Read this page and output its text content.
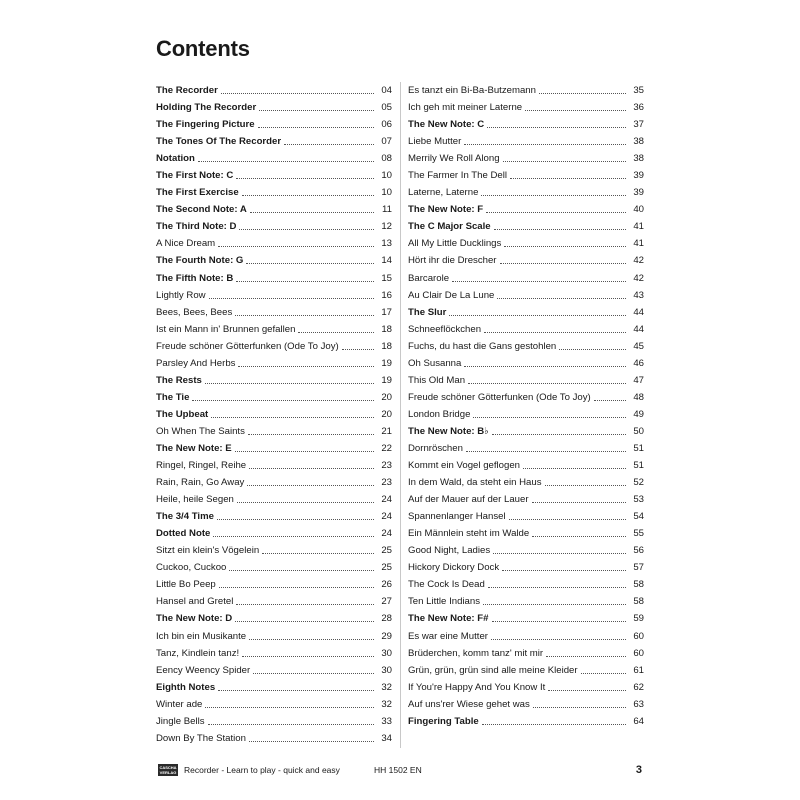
Contents
The Recorder	04
Holding The Recorder	05
The Fingering Picture	06
The Tones Of The Recorder	07
Notation	08
The First Note: C	10
The First Exercise	10
The Second Note: A	11
The Third Note: D	12
A Nice Dream	13
The Fourth Note: G	14
The Fifth Note: B	15
Lightly Row	16
Bees, Bees, Bees	17
Ist ein Mann in' Brunnen gefallen	18
Freude schöner Götterfunken (Ode To Joy)	18
Parsley And Herbs	19
The Rests	19
The Tie	20
The Upbeat	20
Oh When The Saints	21
The New Note: E	22
Ringel, Ringel, Reihe	23
Rain, Rain, Go Away	23
Heile, heile Segen	24
The 3/4 Time	24
Dotted Note	24
Sitzt ein klein's Vögelein	25
Cuckoo, Cuckoo	25
Little Bo Peep	26
Hansel and Gretel	27
The New Note: D	28
Ich bin ein Musikante	29
Tanz, Kindlein tanz!	30
Eency Weency Spider	30
Eighth Notes	32
Winter ade	32
Jingle Bells	33
Down By The Station	34
Es tanzt ein Bi-Ba-Butzemann	35
Ich geh mit meiner Laterne	36
The New Note: C	37
Liebe Mutter	38
Merrily We Roll Along	38
The Farmer In The Dell	39
Laterne, Laterne	39
The New Note: F	40
The C Major Scale	41
All My Little Ducklings	41
Hört ihr die Drescher	42
Barcarole	42
Au Clair De La Lune	43
The Slur	44
Schneeflöckchen	44
Fuchs, du hast die Gans gestohlen	45
Oh Susanna	46
This Old Man	47
Freude schöner Götterfunken (Ode To Joy)	48
London Bridge	49
The New Note: B♭	50
Dornröschen	51
Kommt ein Vogel geflogen	51
In dem Wald, da steht ein Haus	52
Auf der Mauer auf der Lauer	53
Spannenlanger Hansel	54
Ein Männlein steht im Walde	55
Good Night, Ladies	56
Hickory Dickory Dock	57
The Cock Is Dead	58
Ten Little Indians	58
The New Note: F#	59
Es war eine Mutter	60
Brüderchen, komm tanz' mit mir	60
Grün, grün, grün sind alle meine Kleider	61
If You're Happy And You Know It	62
Auf uns'rer Wiese gehet was	63
Fingering Table	64
CASCHA
VERLAG Recorder - Learn to play - quick and easy	HH 1502 EN	3
